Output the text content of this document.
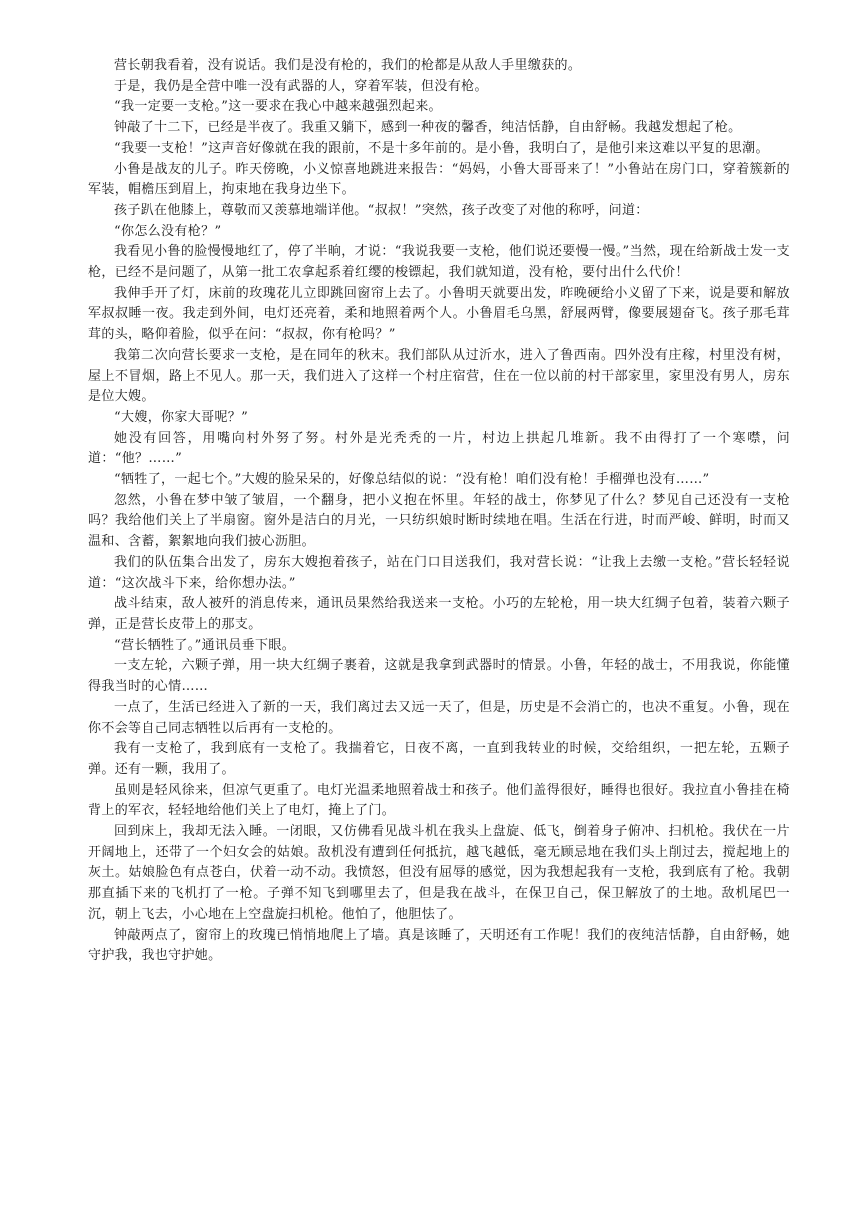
营长朝我看着，没有说话。我们是没有枪的，我们的枪都是从敌人手里缴获的。

于是，我仍是全营中唯一没有武器的人，穿着军装，但没有枪。

“我一定要一支枪。”这一要求在我心中越来越强烈起来。

钟敲了十二下，已经是半夜了。我重又躺下，感到一种夜的馨香，纯洁恬静，自由舒畅。我越发想起了枪。

“我要一支枪！”这声音好像就在我的跟前，不是十多年前的。是小鲁，我明白了，是他引来这难以平复的思潮。

小鲁是战友的儿子。昨天傍晚，小义惊喜地跳进来报告：“妈妈，小鲁大哥哥来了！”小鲁站在房门口，穿着簇新的军装，帽檐压到眉上，拘束地在我身边坐下。

孩子趴在他膝上，尊敬而又羡慕地端详他。“叔叔！”突然，孩子改变了对他的称呼，问道：

“你怎么没有枪？”

我看见小鲁的脸慢慢地红了，停了半晌，才说：“我说我要一支枪，他们说还要慢一慢。”当然，现在给新战士发一支枪，已经不是问题了，从第一批工农拿起系着红缨的梭镖起，我们就知道，没有枪，要付出什么代价！

我伸手开了灯，床前的玫瑰花儿立即跳回窗帘上去了。小鲁明天就要出发，昨晚硬给小义留了下来，说是要和解放军叔叔睡一夜。我走到外间，电灯还亮着，柔和地照着两个人。小鲁眉毛乌黑，舒展两臂，像要展翅奋飞。孩子那毛茸茸的头，略仰着脸，似乎在问：“叔叔，你有枪吗？”

我第二次向营长要求一支枪，是在同年的秋末。我们部队从过沂水，进入了鲁西南。四外没有庄稼，村里没有树，屋上不冒烟，路上不见人。那一天，我们进入了这样一个村庄宿营，住在一位以前的村干部家里，家里没有男人，房东是位大嫂。

“大嫂，你家大哥呢？”

她没有回答，用嘴向村外努了努。村外是光秃秃的一片，村边上拱起几堆新。我不由得打了一个寒噤，问道：“他？……”

“牺牲了，一起七个。”大嫂的脸呆呆的，好像总结似的说：“没有枪！咱们没有枪！手榴弹也没有……”

忽然，小鲁在梦中皱了皱眉，一个翻身，把小义抱在怀里。年轻的战士，你梦见了什么？梦见自己还没有一支枪吗？我给他们关上了半扇窗。窗外是洁白的月光，一只纺织娘时断时续地在唱。生活在行进，时而严峻、鲜明，时而又温和、含蓄，絮絮地向我们披心沥胆。

我们的队伍集合出发了，房东大嫂抱着孩子，站在门口目送我们，我对营长说：“让我上去缴一支枪。”营长轻轻说道：“这次战斗下来，给你想办法。”

战斗结束，敌人被歼的消息传来，通讯员果然给我送来一支枪。小巧的左轮枪，用一块大红绸子包着，装着六颗子弹，正是营长皮带上的那支。

“营长牺牲了。”通讯员垂下眼。

一支左轮，六颗子弹，用一块大红绸子裹着，这就是我拿到武器时的情景。小鲁，年轻的战士，不用我说，你能懂得我当时的心情……

一点了，生活已经进入了新的一天，我们离过去又远一天了，但是，历史是不会消亡的，也决不重复。小鲁，现在你不会等自己同志牺牲以后再有一支枪的。

我有一支枪了，我到底有一支枪了。我揣着它，日夜不离，一直到我转业的时候，交给组织，一把左轮，五颗子弹。还有一颗，我用了。

虽则是轻风徐来，但凉气更重了。电灯光温柔地照着战士和孩子。他们盖得很好，睡得也很好。我拉直小鲁挂在椅背上的军衣，轻轻地给他们关上了电灯，掩上了门。

回到床上，我却无法入睡。一闭眼，又仿佛看见战斗机在我头上盘旋、低飞，倒着身子俯冲、扫机枪。我伏在一片开阔地上，还带了一个妇女会的姑娘。敌机没有遭到任何抵抗，越飞越低，毫无顾忌地在我们头上削过去，搅起地上的灰土。姑娘脸色有点苍白，伏着一动不动。我愤怒，但没有屈辱的感觉，因为我想起我有一支枪，我到底有了枪。我朝那直插下来的飞机打了一枪。子弹不知飞到哪里去了，但是我在战斗，在保卫自己，保卫解放了的土地。敌机尾巴一沉，朝上飞去，小心地在上空盘旋扫机枪。他怕了，他胆怯了。

钟敲两点了，窗帘上的玫瑰已悄悄地爬上了墙。真是该睡了，天明还有工作呢！我们的夜纯洁恬静，自由舒畅，她守护我，我也守护她。
